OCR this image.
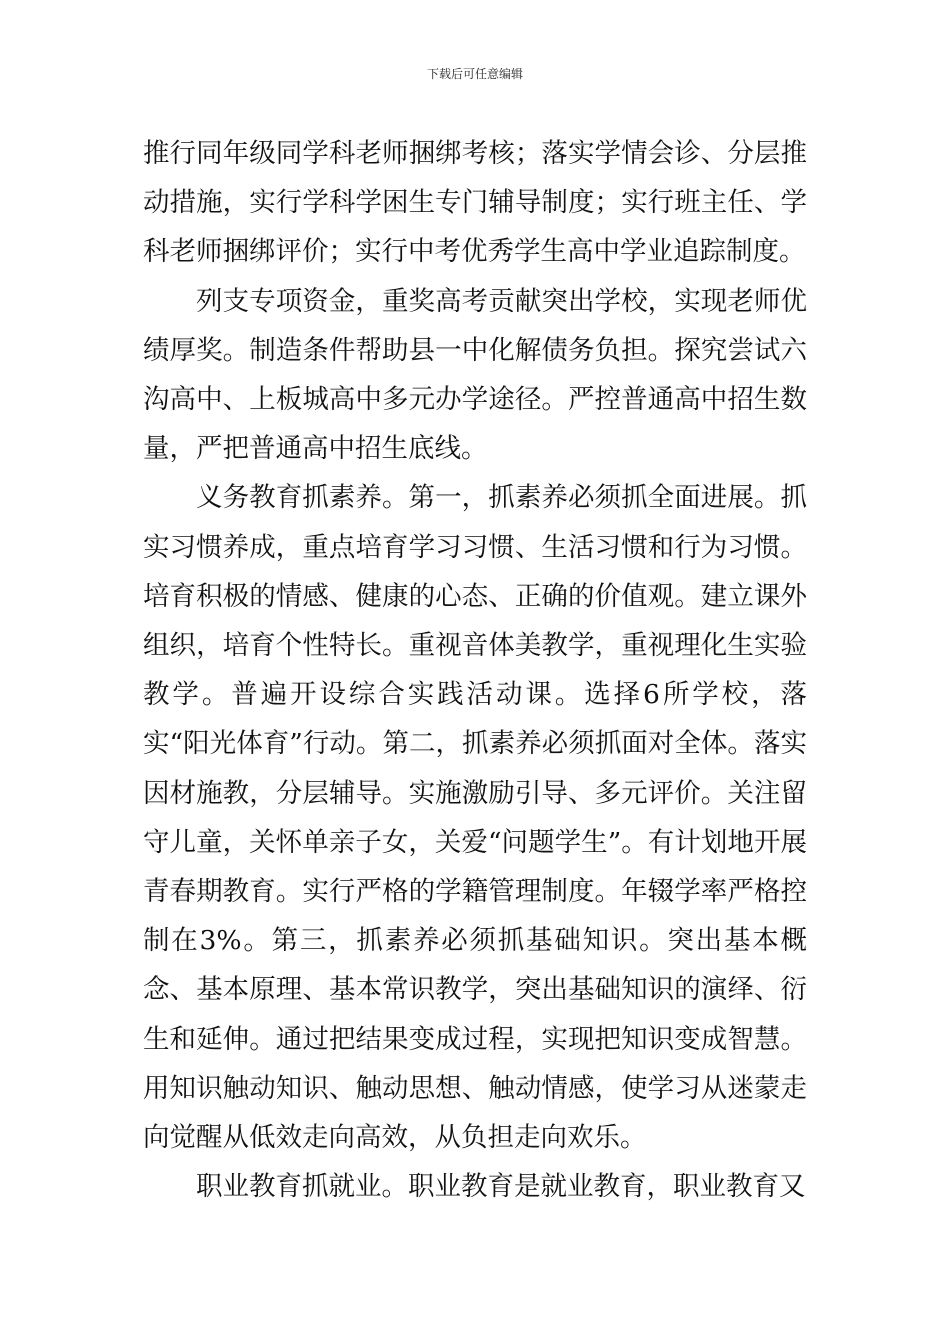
下载后可任意编辑

推行同年级同学科老师捆绑考核；落实学情会诊、分层推动措施，实行学科学困生专门辅导制度；实行班主任、学科老师捆绑评价；实行中考优秀学生高中学业追踪制度。

列支专项资金，重奖高考贡献突出学校，实现老师优绩厚奖。制造条件帮助县一中化解债务负担。探究尝试六沟高中、上板城高中多元办学途径。严控普通高中招生数量，严把普通高中招生底线。

义务教育抓素养。第一，抓素养必须抓全面进展。抓实习惯养成，重点培育学习习惯、生活习惯和行为习惯。培育积极的情感、健康的心态、正确的价值观。建立课外组织，培育个性特长。重视音体美教学，重视理化生实验教学。普遍开设综合实践活动课。选择6所学校，落实“阳光体育”行动。第二，抓素养必须抓面对全体。落实因材施教，分层辅导。实施激励引导、多元评价。关注留守儿童，关怀单亲子女，关爱“问题学生”。有计划地开展青春期教育。实行严格的学籍管理制度。年辍学率严格控制在3%。第三，抓素养必须抓基础知识。突出基本概念、基本原理、基本常识教学，突出基础知识的演绎、衍生和延伸。通过把结果变成过程，实现把知识变成智慧。用知识触动知识、触动思想、触动情感，使学习从迷蒙走向觉醒从低效走向高效，从负担走向欢乐。

职业教育抓就业。职业教育是就业教育，职业教育又
